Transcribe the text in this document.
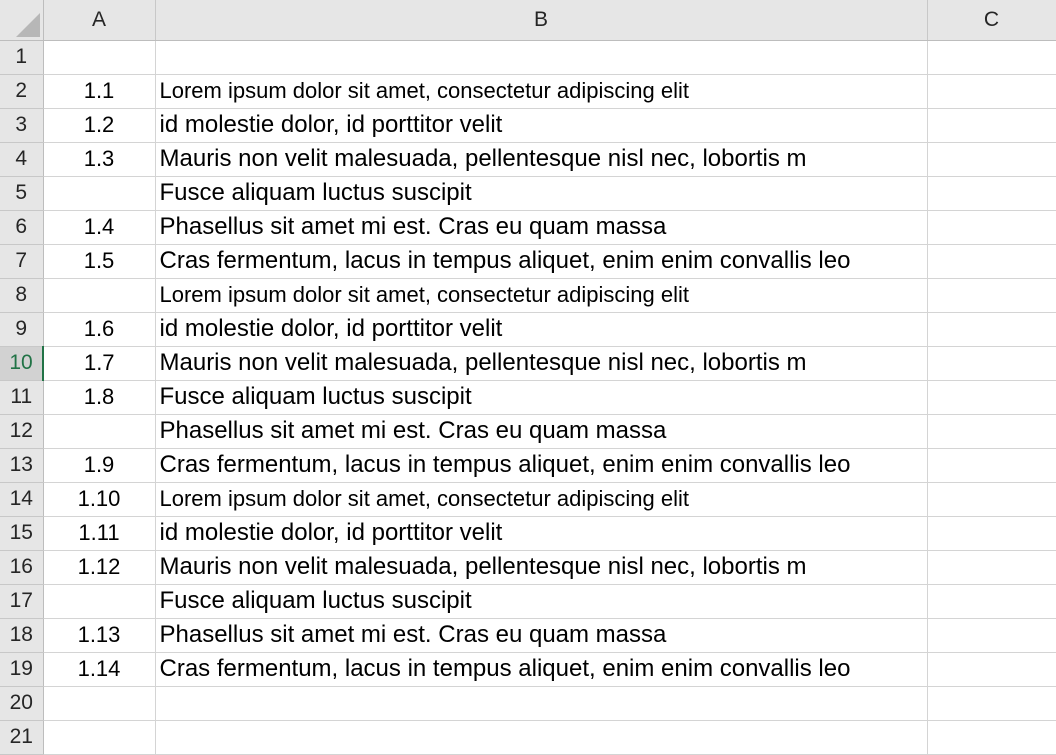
	A	B	C
1			
2	1.1	Lorem ipsum dolor sit amet, consectetur adipiscing elit	
3	1.2	id molestie dolor, id porttitor velit	
4	1.3	Mauris non velit malesuada, pellentesque nisl nec, lobortis m	
5		Fusce aliquam luctus suscipit	
6	1.4	Phasellus sit amet mi est. Cras eu quam massa	
7	1.5	Cras fermentum, lacus in tempus aliquet, enim enim convallis leo	
8		Lorem ipsum dolor sit amet, consectetur adipiscing elit	
9	1.6	id molestie dolor, id porttitor velit	
10	1.7	Mauris non velit malesuada, pellentesque nisl nec, lobortis m	
11	1.8	Fusce aliquam luctus suscipit	
12		Phasellus sit amet mi est. Cras eu quam massa	
13	1.9	Cras fermentum, lacus in tempus aliquet, enim enim convallis leo	
14	1.10	Lorem ipsum dolor sit amet, consectetur adipiscing elit	
15	1.11	id molestie dolor, id porttitor velit	
16	1.12	Mauris non velit malesuada, pellentesque nisl nec, lobortis m	
17		Fusce aliquam luctus suscipit	
18	1.13	Phasellus sit amet mi est. Cras eu quam massa	
19	1.14	Cras fermentum, lacus in tempus aliquet, enim enim convallis leo	
20			
21			
